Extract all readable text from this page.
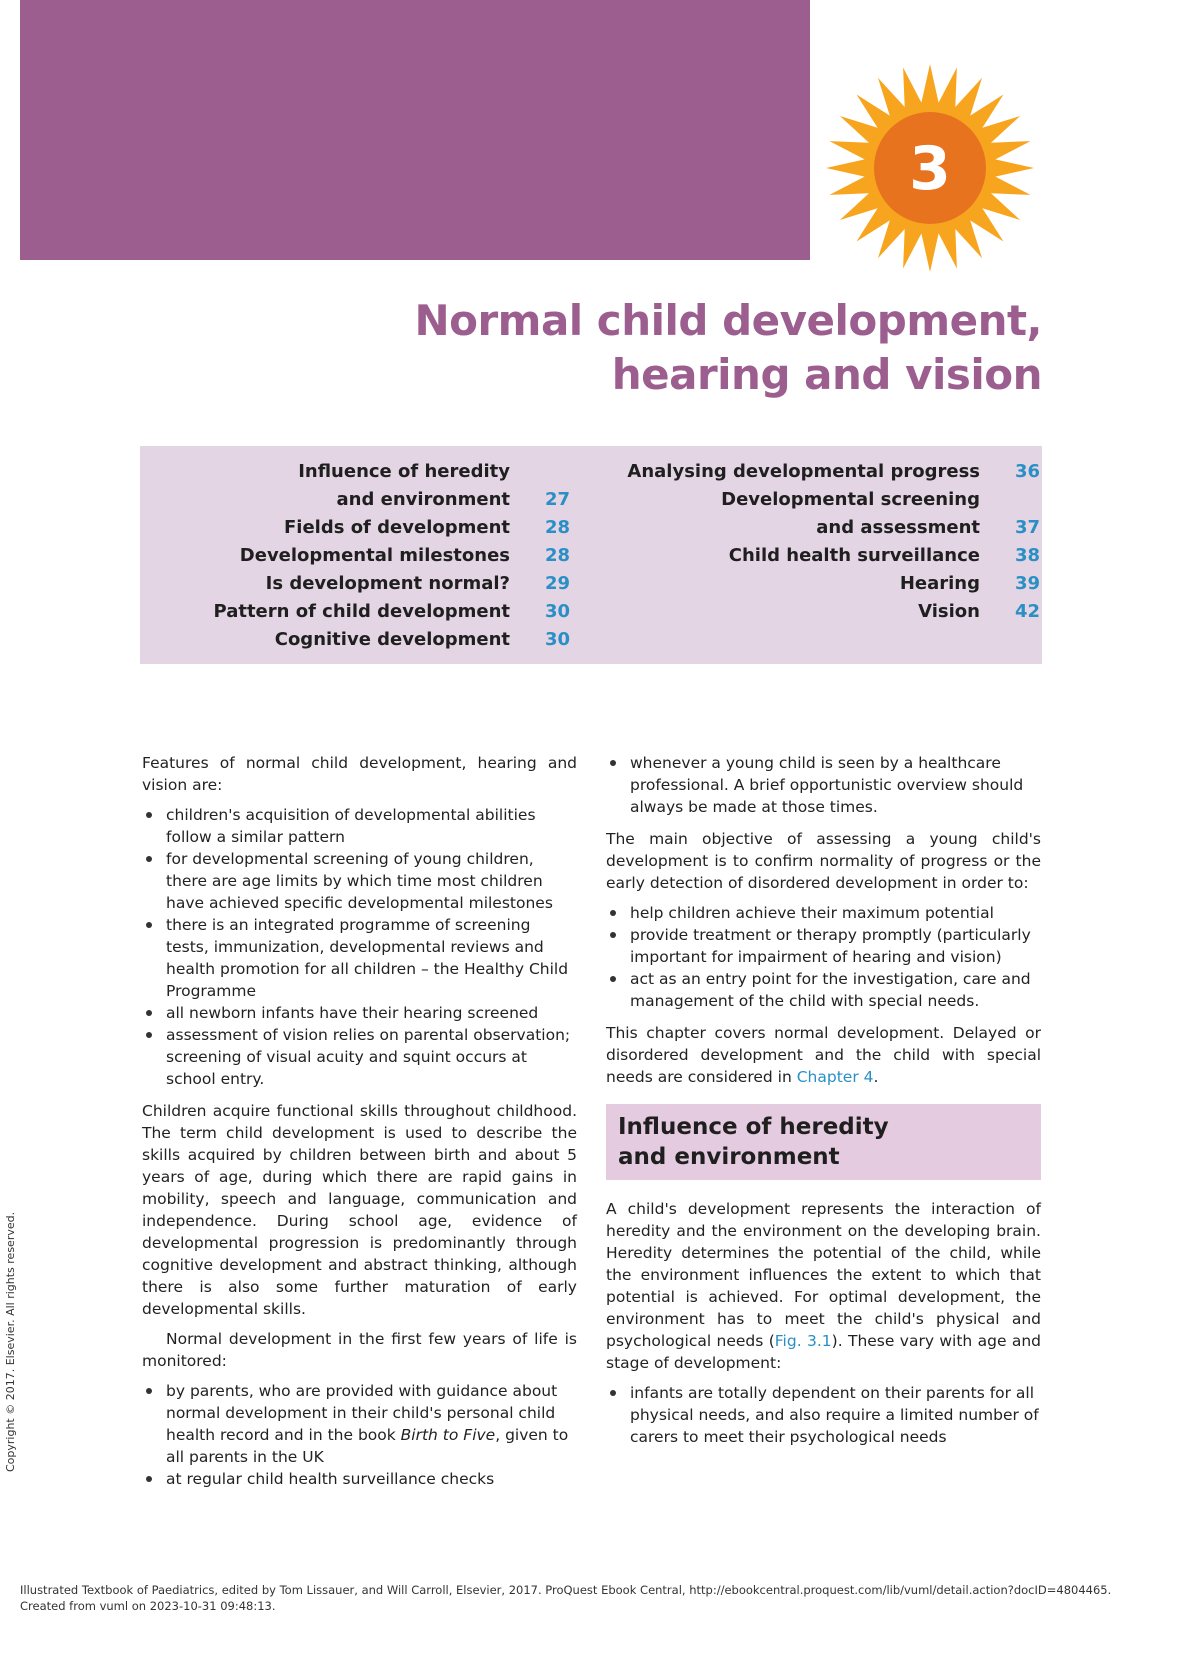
3
Normal child development,
hearing and vision
Influence of heredity
and environment	27
Fields of development	28
Developmental milestones	28
Is development normal?	29
Pattern of child development	30
Cognitive development	30
Analysing developmental progress	36
Developmental screening
and assessment	37
Child health surveillance	38
Hearing	39
Vision	42

Features of normal child development, hearing and vision are:

children's acquisition of developmental abilities follow a similar pattern
for developmental screening of young children, there are age limits by which time most children have achieved specific developmental milestones
there is an integrated programme of screening tests, immunization, developmental reviews and health promotion for all children – the Healthy Child Programme
all newborn infants have their hearing screened
assessment of vision relies on parental observation; screening of visual acuity and squint occurs at school entry.

Children acquire functional skills throughout childhood. The term child development is used to describe the skills acquired by children between birth and about 5 years of age, during which there are rapid gains in mobility, speech and language, communication and independence. During school age, evidence of developmental progression is predominantly through cognitive development and abstract thinking, although there is also some further maturation of early developmental skills.

Normal development in the first few years of life is monitored:

by parents, who are provided with guidance about normal development in their child's personal child health record and in the book Birth to Five, given to all parents in the UK
at regular child health surveillance checks
whenever a young child is seen by a healthcare professional. A brief opportunistic overview should always be made at those times.

The main objective of assessing a young child's development is to confirm normality of progress or the early detection of disordered development in order to:

help children achieve their maximum potential
provide treatment or therapy promptly (particularly important for impairment of hearing and vision)
act as an entry point for the investigation, care and management of the child with special needs.

This chapter covers normal development. Delayed or disordered development and the child with special needs are considered in Chapter 4.

Influence of heredity
and environment

A child's development represents the interaction of heredity and the environment on the developing brain. Heredity determines the potential of the child, while the environment influences the extent to which that potential is achieved. For optimal development, the environment has to meet the child's physical and psychological needs (Fig. 3.1). These vary with age and stage of development:

infants are totally dependent on their parents for all physical needs, and also require a limited number of carers to meet their psychological needs
Copyright © 2017. Elsevier. All rights reserved.
Illustrated Textbook of Paediatrics, edited by Tom Lissauer, and Will Carroll, Elsevier, 2017. ProQuest Ebook Central, http://ebookcentral.proquest.com/lib/vuml/detail.action?docID=4804465.
Created from vuml on 2023-10-31 09:48:13.
